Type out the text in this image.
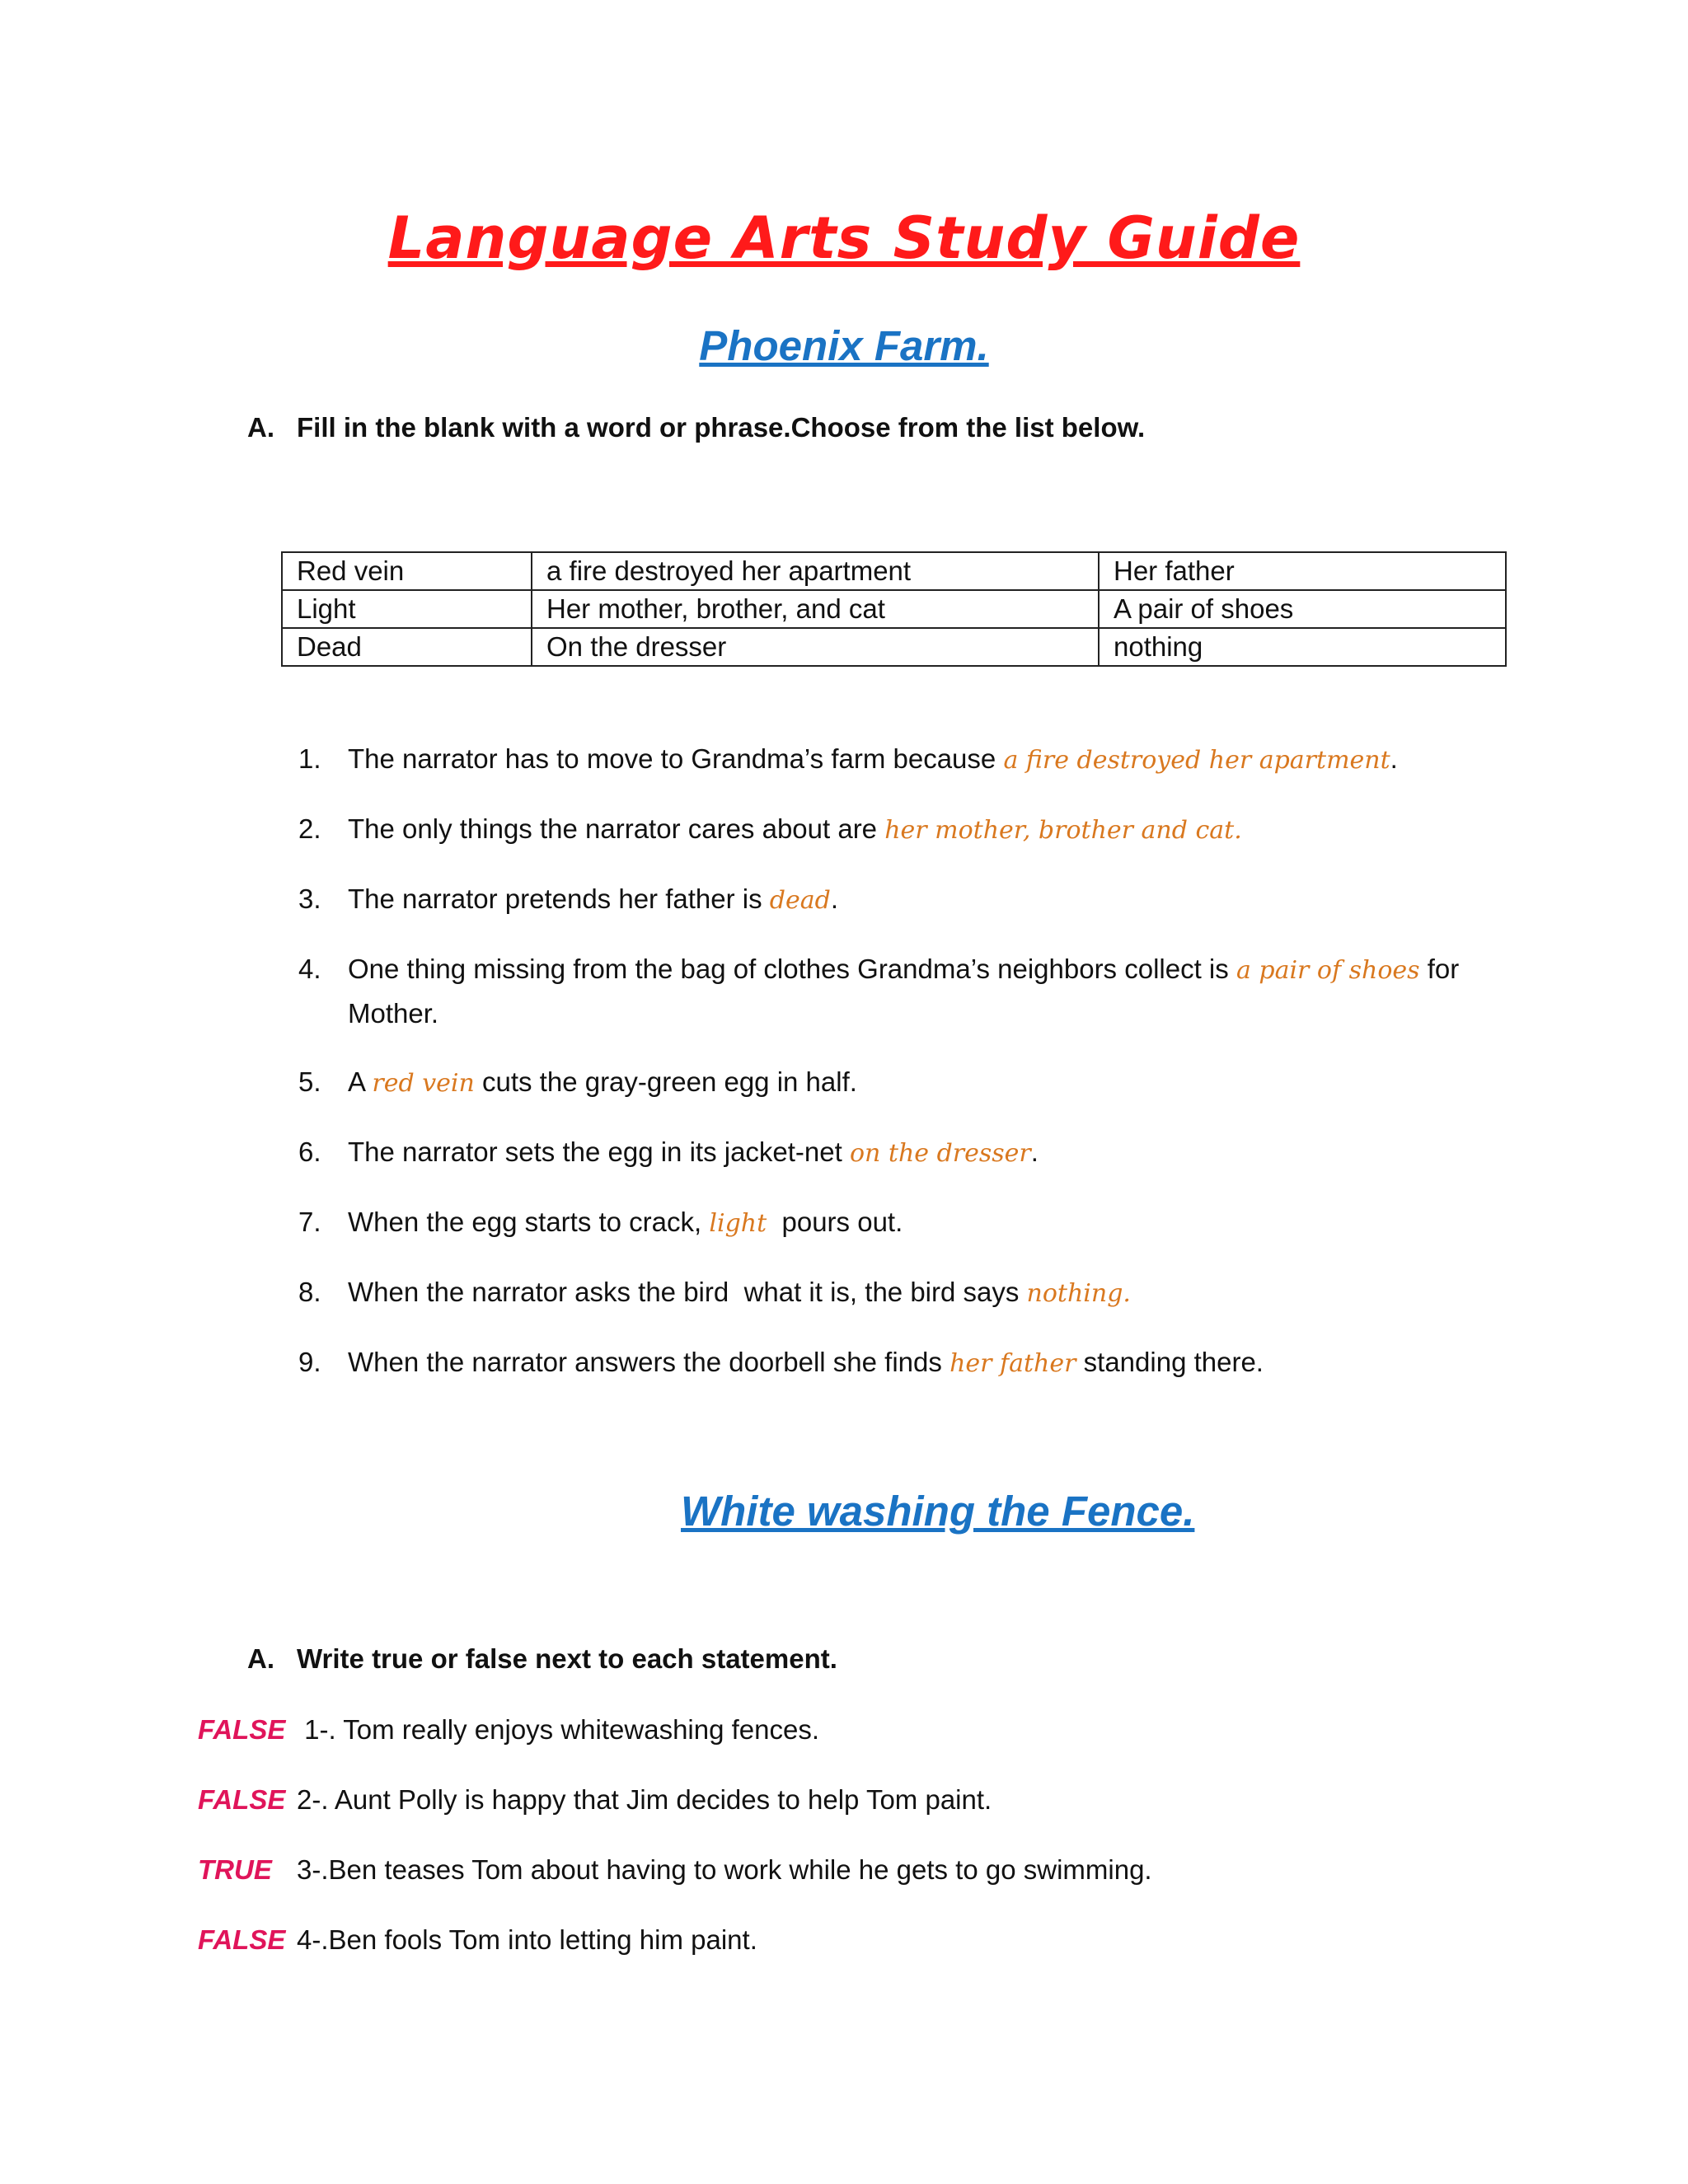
Language Arts Study Guide
Phoenix Farm.
A. Fill in the blank with a word or phrase.Choose from the list below.
Red vein	a fire destroyed her apartment	Her father
Light	Her mother, brother, and cat	A pair of shoes
Dead	On the dresser	nothing
1. The narrator has to move to Grandma’s farm because a fire destroyed her apartment.
2. The only things the narrator cares about are her mother, brother and cat.
3. The narrator pretends her father is dead.
4. One thing missing from the bag of clothes Grandma’s neighbors collect is a pair of shoes for
Mother.
5. A red vein cuts the gray-green egg in half.
6. The narrator sets the egg in its jacket-net on the dresser.
7. When the egg starts to crack, light  pours out.
8. When the narrator asks the bird  what it is, the bird says nothing.
9. When the narrator answers the doorbell she finds her father standing there.
White washing the Fence.
A. Write true or false next to each statement.
FALSE 1-. Tom really enjoys whitewashing fences.
FALSE 2-. Aunt Polly is happy that Jim decides to help Tom paint.
TRUE 3-.Ben teases Tom about having to work while he gets to go swimming.
FALSE 4-.Ben fools Tom into letting him paint.
